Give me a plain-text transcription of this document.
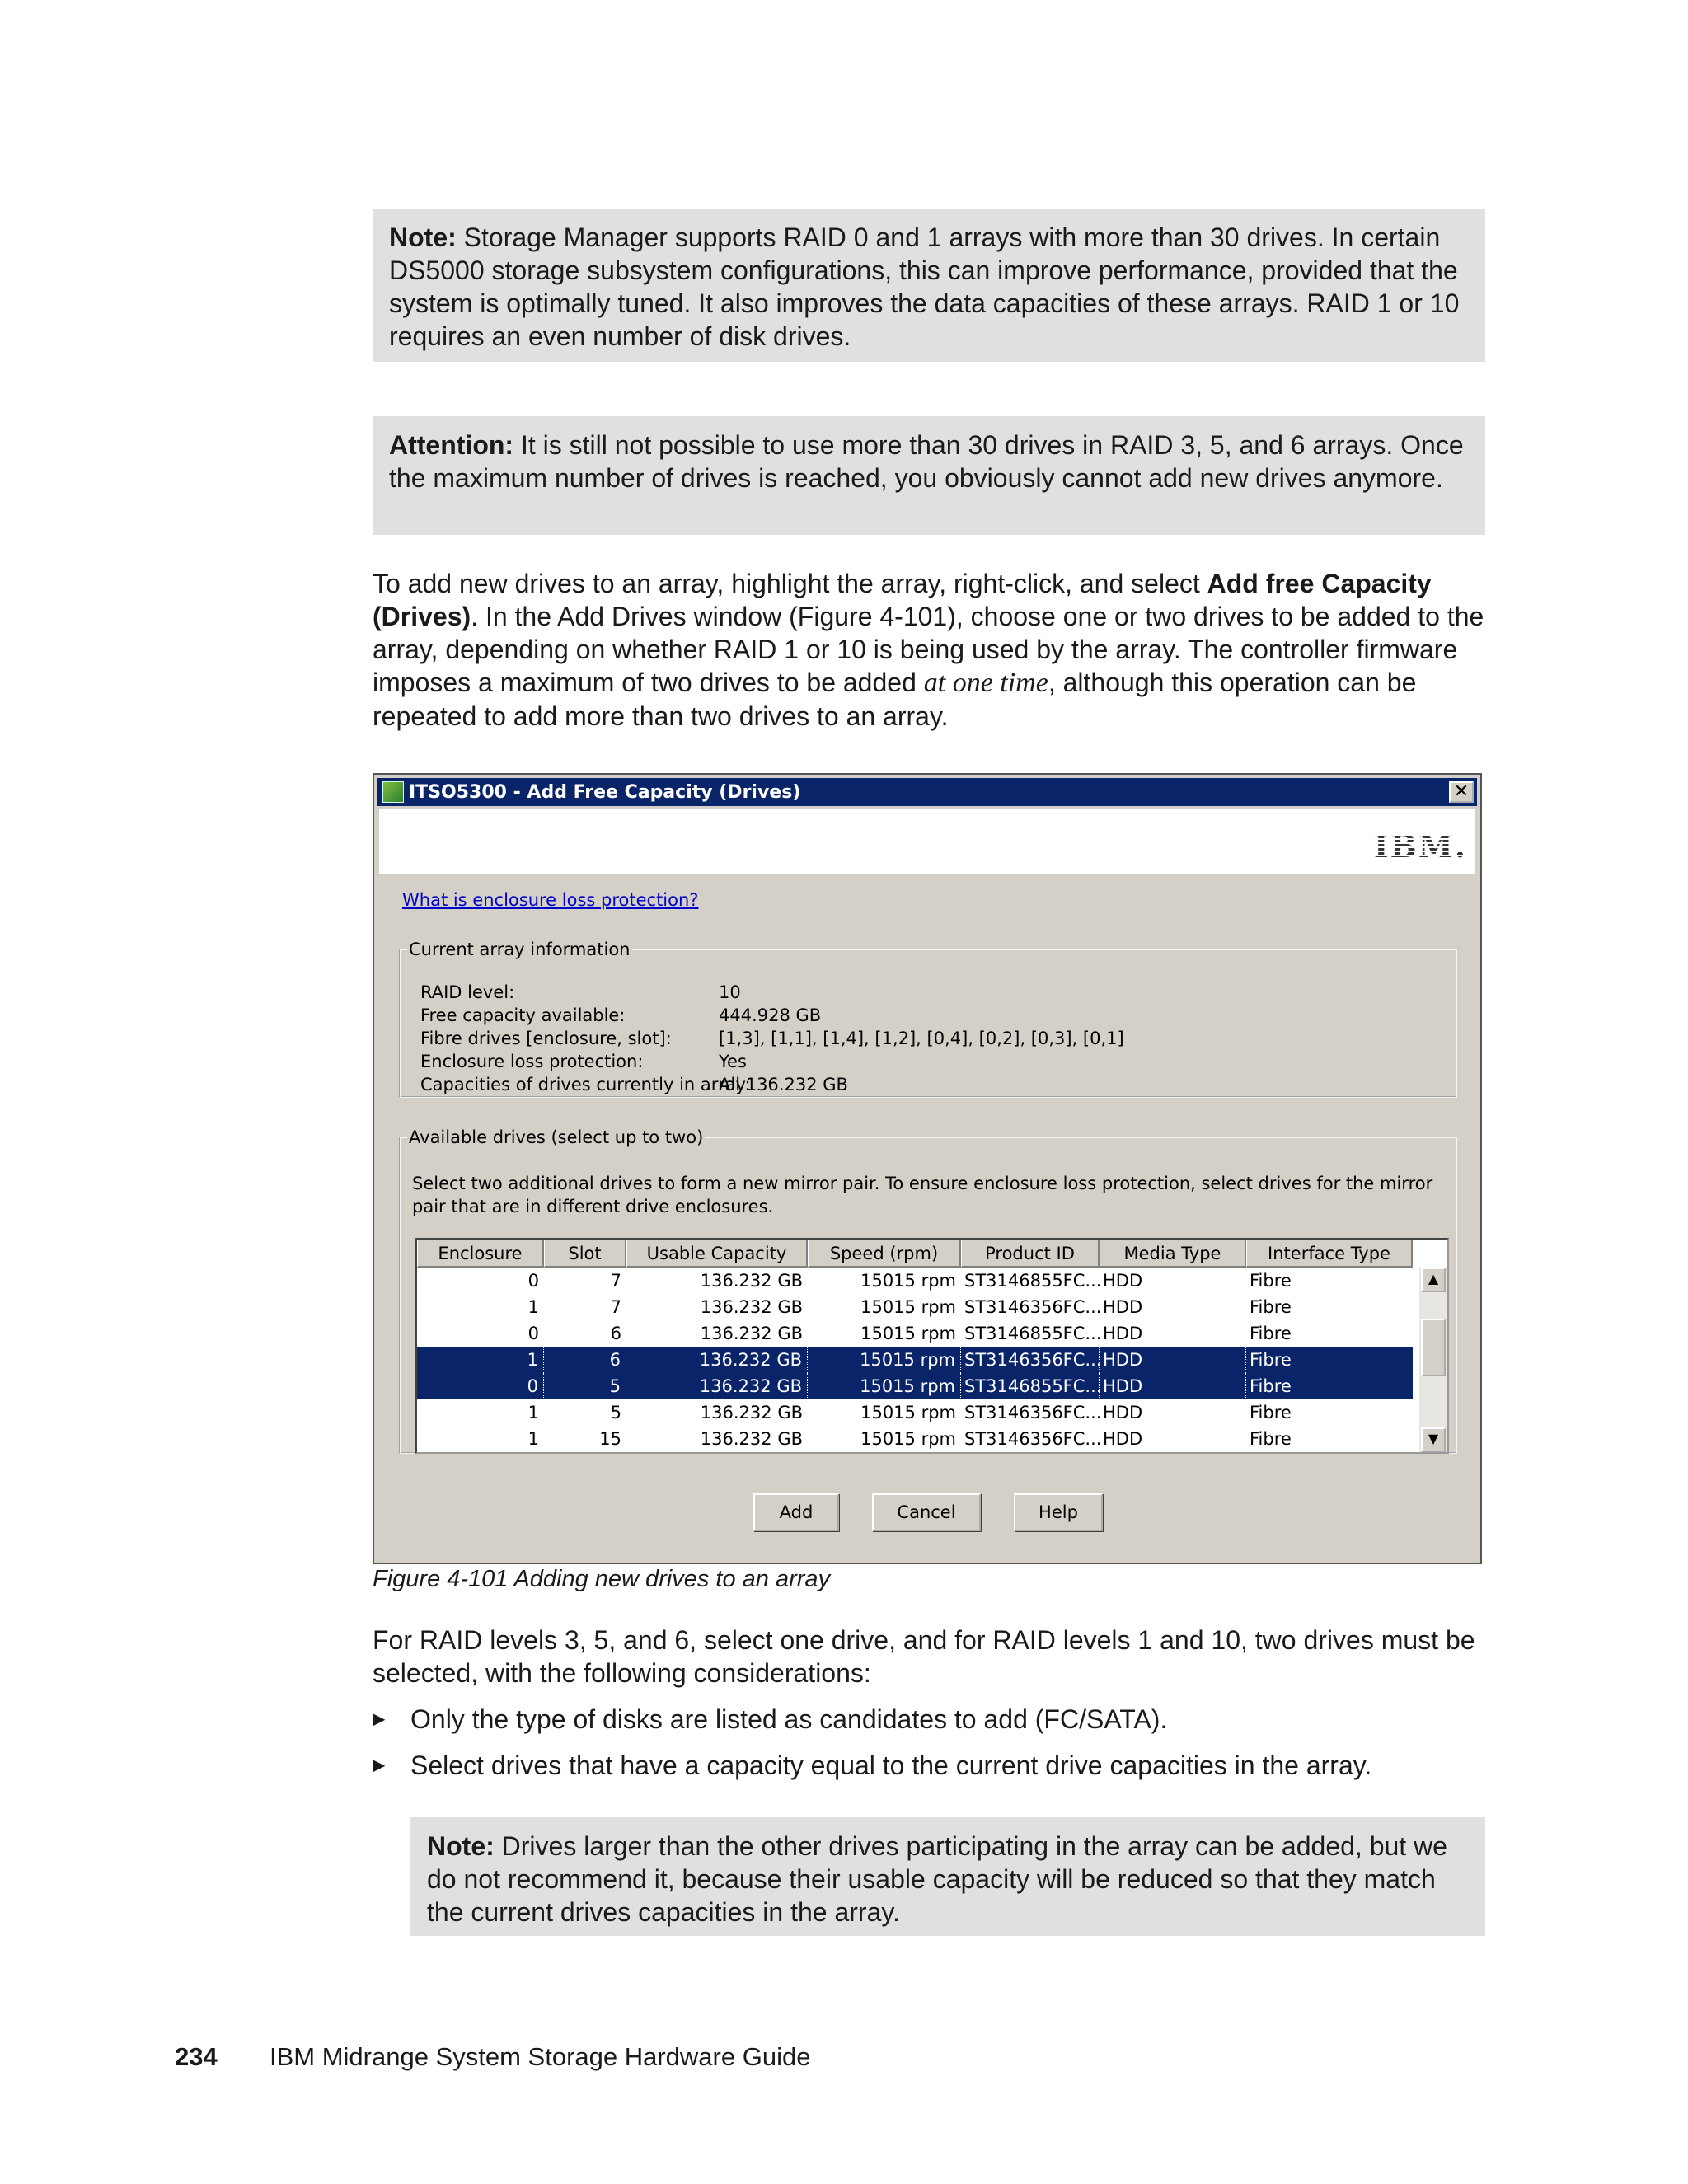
Note: Storage Manager supports RAID 0 and 1 arrays with more than 30 drives. In certain DS5000 storage subsystem configurations, this can improve performance, provided that the system is optimally tuned. It also improves the data capacities of these arrays. RAID 1 or 10 requires an even number of disk drives.
Attention: It is still not possible to use more than 30 drives in RAID 3, 5, and 6 arrays. Once the maximum number of drives is reached, you obviously cannot add new drives anymore.
To add new drives to an array, highlight the array, right-click, and select Add free Capacity (Drives). In the Add Drives window (Figure 4-101), choose one or two drives to be added to the array, depending on whether RAID 1 or 10 is being used by the array. The controller firmware imposes a maximum of two drives to be added at one time, although this operation can be repeated to add more than two drives to an array.
ITSO5300 - Add Free Capacity (Drives)	✕
IBM.
What is enclosure loss protection?
Current array information
RAID level:	10
Free capacity available:	444.928 GB
Fibre drives [enclosure, slot]:	[1,3], [1,1], [1,4], [1,2], [0,4], [0,2], [0,3], [0,1]
Enclosure loss protection:	Yes
Capacities of drives currently in array:
All 136.232 GB
Available drives (select up to two)
Select two additional drives to form a new mirror pair. To ensure enclosure loss protection, select drives for the mirror pair that are in different drive enclosures.
Enclosure	Slot	Usable Capacity	Speed (rpm)	Product ID	Media Type	Interface Type
0	7	136.232 GB	15015 rpm ST3146855FC... HDD	Fibre
1	7	136.232 GB	15015 rpm ST3146356FC... HDD	Fibre
0	6	136.232 GB	15015 rpm ST3146855FC... HDD	Fibre
1	6	136.232 GB	15015 rpm ST3146356FC... HDD	Fibre
0	5	136.232 GB	15015 rpm ST3146855FC... HDD	Fibre
1	5	136.232 GB	15015 rpm ST3146356FC... HDD	Fibre
1	15	136.232 GB	15015 rpm ST3146356FC... HDD	Fibre
▲
▼
Add	Cancel	Help
Figure 4-101 Adding new drives to an array
For RAID levels 3, 5, and 6, select one drive, and for RAID levels 1 and 10, two drives must be selected, with the following considerations:
▶ Only the type of disks are listed as candidates to add (FC/SATA).
▶ Select drives that have a capacity equal to the current drive capacities in the array.
Note: Drives larger than the other drives participating in the array can be added, but we do not recommend it, because their usable capacity will be reduced so that they match the current drives capacities in the array.
234 IBM Midrange System Storage Hardware Guide
